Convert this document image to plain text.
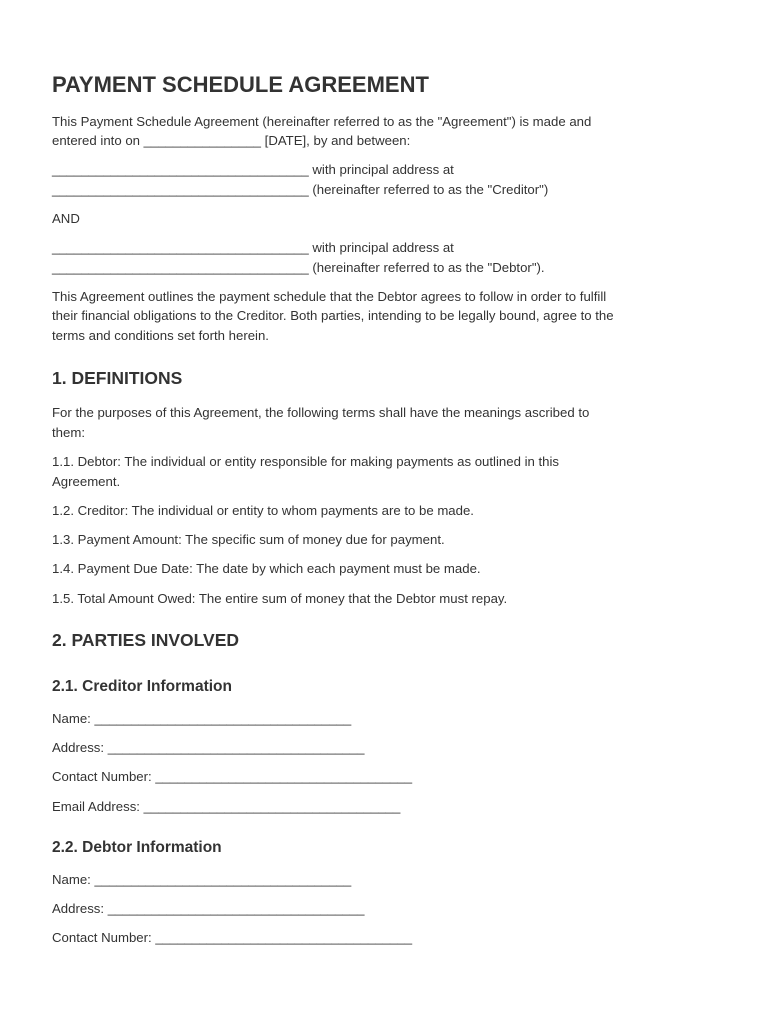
PAYMENT SCHEDULE AGREEMENT

This Payment Schedule Agreement (hereinafter referred to as the "Agreement") is made and

entered into on ________________ [DATE], by and between:

___________________________________ with principal address at

___________________________________ (hereinafter referred to as the "Creditor")

AND

___________________________________ with principal address at

___________________________________ (hereinafter referred to as the "Debtor").

This Agreement outlines the payment schedule that the Debtor agrees to follow in order to fulfill

their financial obligations to the Creditor. Both parties, intending to be legally bound, agree to the

terms and conditions set forth herein.

1. DEFINITIONS

For the purposes of this Agreement, the following terms shall have the meanings ascribed to

them:

1.1. Debtor: The individual or entity responsible for making payments as outlined in this

Agreement.

1.2. Creditor: The individual or entity to whom payments are to be made.

1.3. Payment Amount: The specific sum of money due for payment.

1.4. Payment Due Date: The date by which each payment must be made.

1.5. Total Amount Owed: The entire sum of money that the Debtor must repay.

2. PARTIES INVOLVED
2.1. Creditor Information

Name: ___________________________________

Address: ___________________________________

Contact Number: ___________________________________

Email Address: ___________________________________

2.2. Debtor Information

Name: ___________________________________

Address: ___________________________________

Contact Number: ___________________________________
